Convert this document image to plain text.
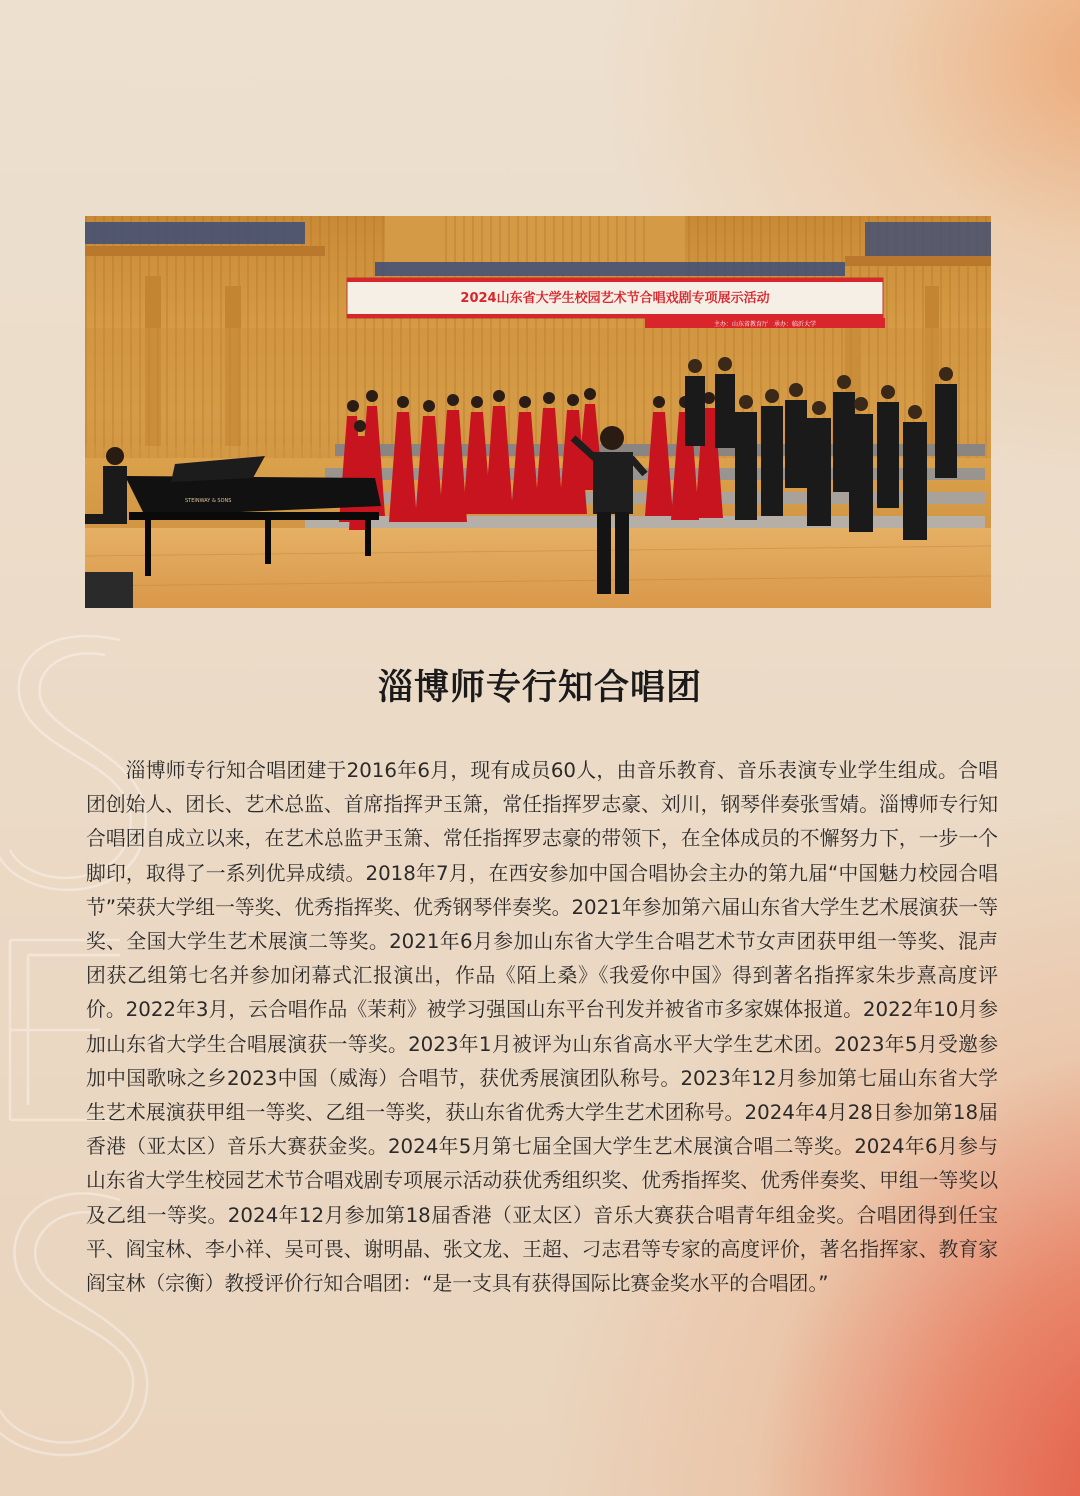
2024山东省大学生校园艺术节合唱戏剧专项展示活动
主办：山东省教育厅　承办：临沂大学
STEINWAY & SONS
淄博师专行知合唱团

淄博师专行知合唱团建于2016年6月，现有成员60人，由音乐教育、音乐表演专业学生组成。合唱团创始人、团长、艺术总监、首席指挥尹玉箫，常任指挥罗志豪、刘川，钢琴伴奏张雪婧。淄博师专行知合唱团自成立以来，在艺术总监尹玉箫、常任指挥罗志豪的带领下，在全体成员的不懈努力下，一步一个脚印，取得了一系列优异成绩。2018年7月，在西安参加中国合唱协会主办的第九届“中国魅力校园合唱节”荣获大学组一等奖、优秀指挥奖、优秀钢琴伴奏奖。2021年参加第六届山东省大学生艺术展演获一等奖、全国大学生艺术展演二等奖。2021年6月参加山东省大学生合唱艺术节女声团获甲组一等奖、混声团获乙组第七名并参加闭幕式汇报演出，作品《陌上桑》《我爱你中国》得到著名指挥家朱步熹高度评价。2022年3月，云合唱作品《茉莉》被学习强国山东平台刊发并被省市多家媒体报道。2022年10月参加山东省大学生合唱展演获一等奖。2023年1月被评为山东省高水平大学生艺术团。2023年5月受邀参加中国歌咏之乡2023中国（威海）合唱节，获优秀展演团队称号。2023年12月参加第七届山东省大学生艺术展演获甲组一等奖、乙组一等奖，获山东省优秀大学生艺术团称号。2024年4月28日参加第18届香港（亚太区）音乐大赛获金奖。2024年5月第七届全国大学生艺术展演合唱二等奖。2024年6月参与山东省大学生校园艺术节合唱戏剧专项展示活动获优秀组织奖、优秀指挥奖、优秀伴奏奖、甲组一等奖以及乙组一等奖。2024年12月参加第18届香港（亚太区）音乐大赛获合唱青年组金奖。合唱团得到任宝平、阎宝林、李小祥、吴可畏、谢明晶、张文龙、王超、刁志君等专家的高度评价，著名指挥家、教育家阎宝林（宗衡）教授评价行知合唱团：“是一支具有获得国际比赛金奖水平的合唱团。”
